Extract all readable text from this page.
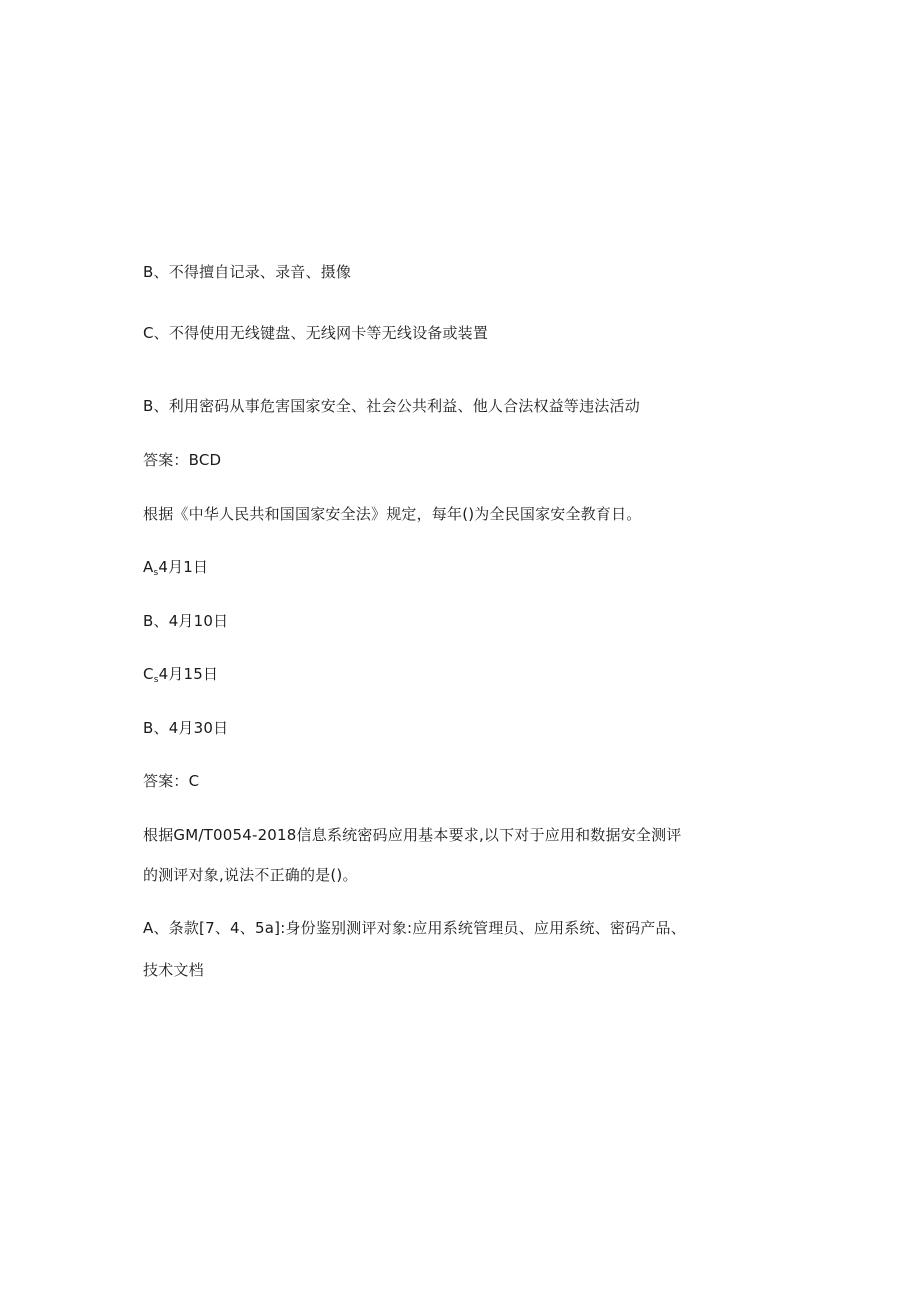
B、不得擅自记录、录音、摄像
C、不得使用无线键盘、无线网卡等无线设备或装置
B、利用密码从事危害国家安全、社会公共利益、他人合法权益等违法活动
答案：BCD
根据《中华人民共和国国家安全法》规定，每年()为全民国家安全教育日。
$A_s4$月1日
B、4月10日
$C_s4$月15日
B、4月30日
答案：C
根据GM/T0054-2018信息系统密码应用基本要求,以下对于应用和数据安全测评
的测评对象,说法不正确的是()。
A、条款[7、4、5a]:身份鉴别测评对象:应用系统管理员、应用系统、密码产品、
技术文档
